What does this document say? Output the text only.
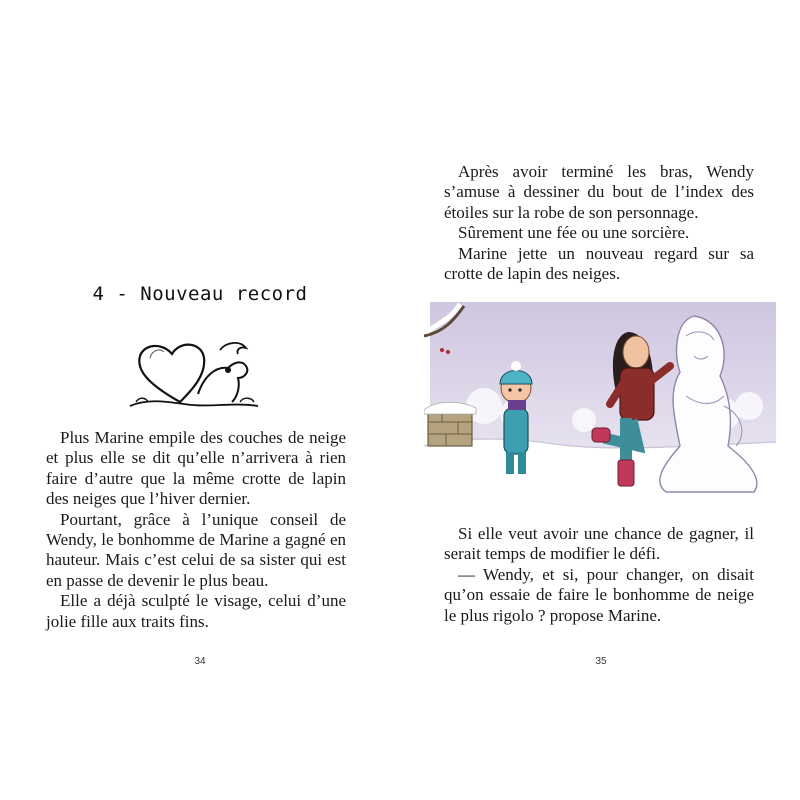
4 - Nouveau record

Plus Marine empile des couches de neige et plus elle se dit qu’elle n’arrivera à rien faire d’autre que la même crotte de lapin des neiges que l’hiver dernier.

Pourtant, grâce à l’unique conseil de Wendy, le bonhomme de Marine a gagné en hauteur. Mais c’est celui de sa sister qui est en passe de devenir le plus beau.

Elle a déjà sculpté le visage, celui d’une jolie fille aux traits fins.

34

Après avoir terminé les bras, Wendy s’amuse à dessiner du bout de l’index des étoiles sur la robe de son personnage.

Sûrement une fée ou une sorcière.

Marine jette un nouveau regard sur sa crotte de lapin des neiges.

Si elle veut avoir une chance de gagner, il serait temps de modifier le défi.

— Wendy, et si, pour changer, on disait qu’on essaie de faire le bonhomme de neige le plus rigolo ? propose Marine.

35
